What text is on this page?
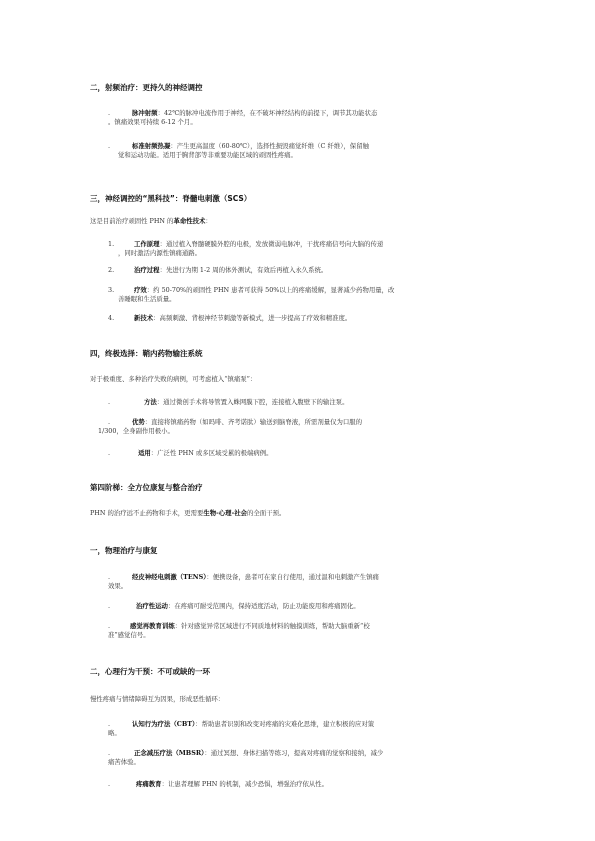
二，射频治疗：更持久的神经调控
.	脉冲射频：42℃的脉冲电流作用于神经，在不破坏神经结构的前提下，调节其功能状态
。镇痛效果可持续 6-12 个月。
.	标准射频热凝：产生更高温度（60-80℃），选择性损毁痛觉纤维（C 纤维），保留触
觉和运动功能。适用于胸背部等非重要功能区域的顽固性疼痛。
三，神经调控的“黑科技”：脊髓电刺激（SCS）
这是目前治疗顽固性 PHN 的革命性技术：
1.	工作原理：通过植入脊髓硬膜外腔的电极，发放微弱电脉冲，干扰疼痛信号向大脑的传递
，同时激活内源性镇痛通路。
2.	治疗过程：先进行为期 1-2 周的体外测试，有效后再植入永久系统。
3.	疗效：约 50-70%的顽固性 PHN 患者可获得 50%以上的疼痛缓解，显著减少药物用量，改
善睡眠和生活质量。
4.	新技术：高频刺激、背根神经节刺激等新模式，进一步提高了疗效和精准度。
四，终极选择：鞘内药物输注系统
对于极重度、多种治疗失败的病例，可考虑植入“镇痛泵”：
.	方法：通过微创手术将导管置入蛛网膜下腔，连接植入腹壁下的输注泵。
.	优势：直接将镇痛药物（如吗啡、齐考诺肽）输送到脑脊液，所需剂量仅为口服的
1/300，全身副作用极小。
.	适用：广泛性 PHN 或多区域受累的极端病例。
第四阶梯：全方位康复与整合治疗
PHN 的治疗远不止药物和手术，更需要生物-心理-社会的全面干预。
一，物理治疗与康复
.	经皮神经电刺激（TENS）：便携设备，患者可在家自行使用，通过温和电刺激产生镇痛
效果。
.	治疗性运动：在疼痛可耐受范围内，保持适度活动，防止功能废用和疼痛固化。
.	感觉再教育训练：针对感觉异常区域进行不同质地材料的触摸训练，帮助大脑重新“校
准”感觉信号。
二，心理行为干预：不可或缺的一环
慢性疼痛与情绪障碍互为因果，形成恶性循环：
.	认知行为疗法（CBT）：帮助患者识别和改变对疼痛的灾难化思维，建立积极的应对策
略。
.	正念减压疗法（MBSR）：通过冥想、身体扫描等练习，提高对疼痛的觉察和接纳，减少
痛苦体验。
.	疼痛教育：让患者理解 PHN 的机制，减少恐惧，增强治疗依从性。
